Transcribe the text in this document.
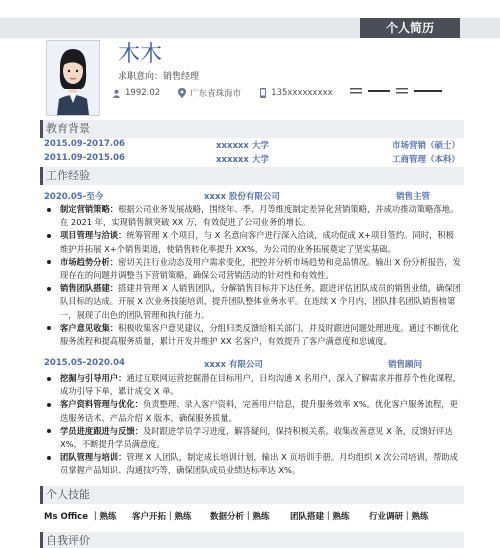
个人简历
木木
求职意向：销售经理
1992.02	广东省珠海市	135xxxxxxxxx
教育背景
2015.09-2017.06	xxxxxx 大学	市场营销（硕士）
2011.09-2015.06	xxxxxx 大学	工商管理（本科）
工作经验
2020.05-至今	xxxx 股份有限公司	销售主管
制定营销策略：根据公司业务发展战略，围绕年、季、月等维度制定差异化营销策略，并成功推动策略落地。在 2021 年，实现销售额突破 XX 万，有效促进了公司业务的增长。
项目管理与洽谈：统筹管理 X 个项目，与 X 名意向客户进行深入洽谈，成功促成 X+项目签约。同时，积极维护并拓展 X+个销售渠道，使销售转化率提升 XX%，为公司的业务拓展奠定了坚实基础。
市场趋势分析：密切关注行业动态及用户需求变化，把控并分析市场趋势和竞品情况。输出 X 份分析报告，发现存在的问题并调整当下营销策略，确保公司营销活动的针对性和有效性。
销售团队搭建：搭建并管理 X 人销售团队，分解销售目标并下达任务。跟进评估团队成员的销售业绩，确保团队目标的达成。开展 X 次业务技能培训，提升团队整体业务水平。在连续 X 个月内，团队排名团队销售榜第一，展现了出色的团队管理和执行能力。
客户意见收集：积极收集客户意见建议，分组归类反馈给相关部门，并及时跟进问题处理进度。通过不断优化服务流程和提高服务质量，累计开发并维护 XX 名客户，有效提升了客户满意度和忠诚度。
2015.05-2020.04	xxxx 有限公司	销售顾问
挖掘与引导用户：通过互联网运营挖掘潜在目标用户，日均沟通 X 名用户，深入了解需求并推荐个性化课程，成功引导下单，累计成交 X 单。
客户资料管理与优化：负责整理、录入客户资料，完善用户信息，提升服务效率 X%。优化客户服务流程，更迭服务话术、产品介绍 X 版本，确保服务质量。
学员进度跟进与反馈：及时跟进学员学习进度，解答疑问，保持积极关系。收集改善意见 X 条，反馈好评达 X%，不断提升学员满意度。
团队管理与培训：管理 X 人团队，制定成长培训计划，输出 X 页培训手册。月均组织 X 次公司培训，帮助成员掌握产品知识、沟通技巧等，确保团队成员业绩达标率达 X%。
个人技能
Ms Office ｜熟练 客户开拓｜熟练 数据分析｜熟练 团队搭建｜熟练 行业调研｜熟练
自我评价
